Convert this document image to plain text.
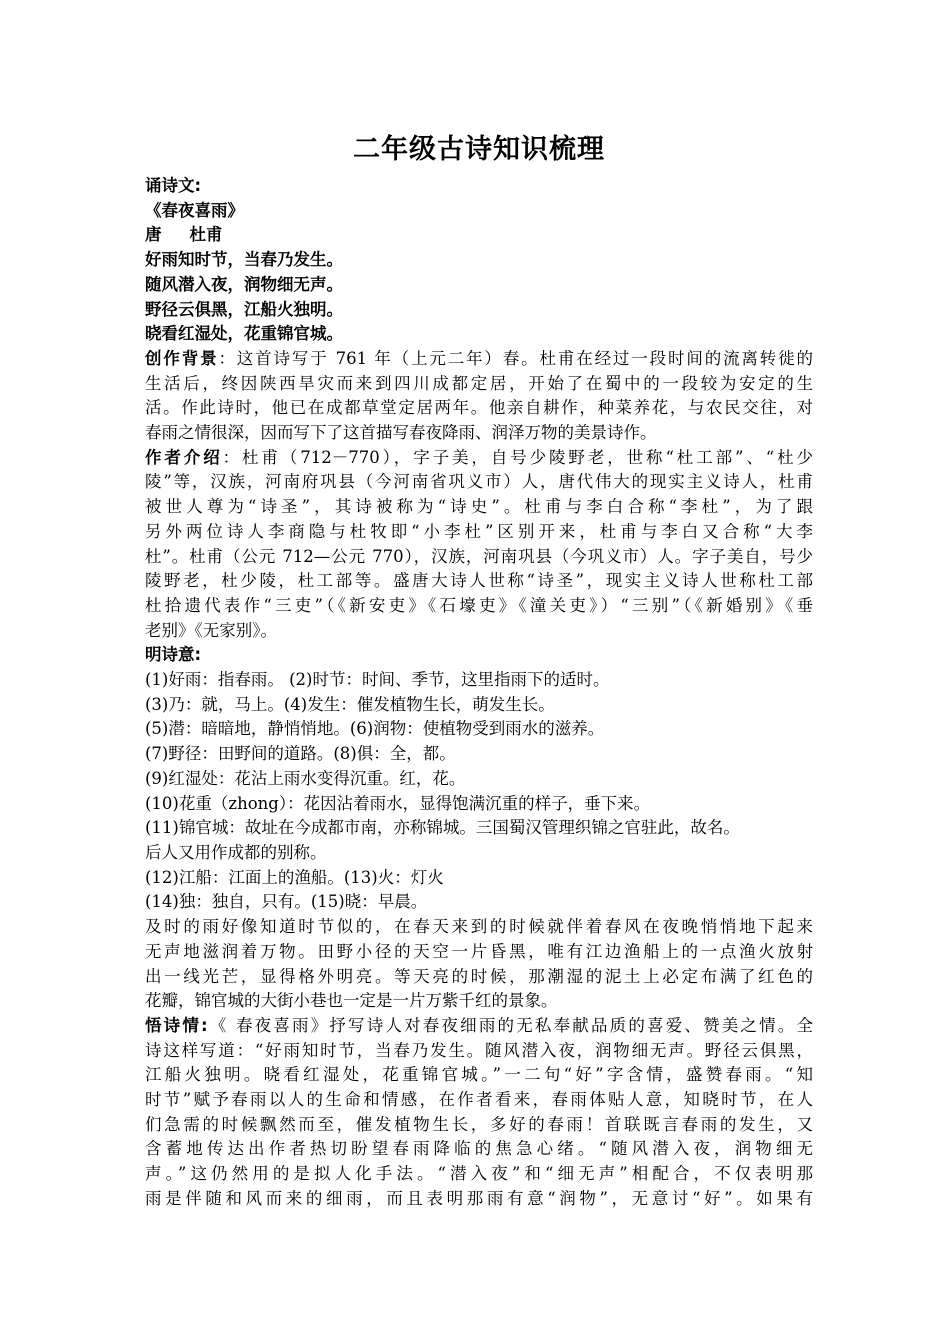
二年级古诗知识梳理
诵诗文:
《春夜喜雨》
唐 杜甫
好雨知时节，当春乃发生。
随风潜入夜，润物细无声。
野径云俱黑，江船火独明。
晓看红湿处，花重锦官城。
创作背景：这首诗写于 761 年（上元二年）春。杜甫在经过一段时间的流离转徙的
生活后，终因陕西旱灾而来到四川成都定居，开始了在蜀中的一段较为安定的生
活。作此诗时，他已在成都草堂定居两年。他亲自耕作，种菜养花，与农民交往，对
春雨之情很深，因而写下了这首描写春夜降雨、润泽万物的美景诗作。
作者介绍：杜甫（712－770），字子美，自号少陵野老，世称“杜工部”、“杜少
陵”等，汉族，河南府巩县（今河南省巩义市）人，唐代伟大的现实主义诗人，杜甫
被世人尊为“诗圣”，其诗被称为“诗史”。杜甫与李白合称“李杜”，为了跟
另外两位诗人李商隐与杜牧即“小李杜”区别开来，杜甫与李白又合称“大李
杜”。杜甫（公元 712—公元 770），汉族，河南巩县（今巩义市）人。字子美自，号少
陵野老，杜少陵，杜工部等。盛唐大诗人世称“诗圣”，现实主义诗人世称杜工部
杜拾遗代表作“三吏”（《新安吏》《石壕吏》《潼关吏》）“三别”（《新婚别》《垂
老别》《无家别》。
明诗意:
(1)好雨：指春雨。 (2)时节：时间、季节，这里指雨下的适时。
(3)乃：就，马上。(4)发生：催发植物生长，萌发生长。
(5)潜：暗暗地，静悄悄地。(6)润物：使植物受到雨水的滋养。
(7)野径：田野间的道路。(8)俱：全，都。
(9)红湿处：花沾上雨水变得沉重。红，花。
(10)花重（zhong）：花因沾着雨水，显得饱满沉重的样子，垂下来。
(11)锦官城：故址在今成都市南，亦称锦城。三国蜀汉管理织锦之官驻此，故名。
后人又用作成都的别称。
(12)江船：江面上的渔船。(13)火：灯火
(14)独：独自，只有。(15)晓：早晨。
及时的雨好像知道时节似的，在春天来到的时候就伴着春风在夜晚悄悄地下起来
无声地滋润着万物。田野小径的天空一片昏黑，唯有江边渔船上的一点渔火放射
出一线光芒，显得格外明亮。等天亮的时候，那潮湿的泥土上必定布满了红色的
花瓣，锦官城的大街小巷也一定是一片万紫千红的景象。
悟诗情:《 春夜喜雨》抒写诗人对春夜细雨的无私奉献品质的喜爱、赞美之情。全
诗这样写道：“好雨知时节，当春乃发生。随风潜入夜，润物细无声。野径云俱黑，
江船火独明。晓看红湿处，花重锦官城。”一二句“好”字含情，盛赞春雨。“知
时节”赋予春雨以人的生命和情感，在作者看来，春雨体贴人意，知晓时节，在人
们急需的时候飘然而至，催发植物生长，多好的春雨！首联既言春雨的发生，又
含蓄地传达出作者热切盼望春雨降临的焦急心绪。“随风潜入夜，润物细无
声。”这仍然用的是拟人化手法。“潜入夜”和“细无声”相配合，不仅表明那
雨是伴随和风而来的细雨，而且表明那雨有意“润物”，无意讨“好”。如果有
